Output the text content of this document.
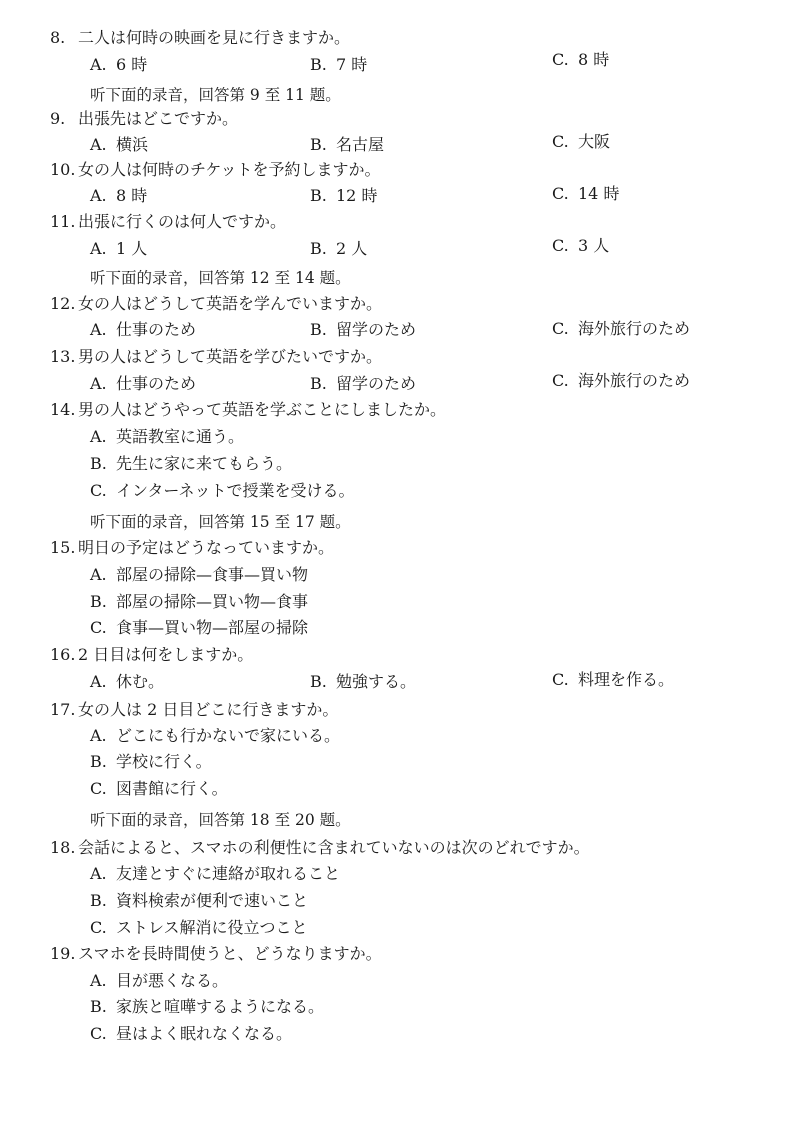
8. 二人は何時の映画を見に行きますか。
A. 6 時	B. 7 時	C. 8 時
听下面的录音，回答第 9 至 11 题。
9. 出張先はどこですか。
A. 横浜	B. 名古屋	C. 大阪
10. 女の人は何時のチケットを予約しますか。
A. 8 時	B. 12 時	C. 14 時
11. 出張に行くのは何人ですか。
A. 1 人	B. 2 人	C. 3 人
听下面的录音，回答第 12 至 14 题。
12. 女の人はどうして英語を学んでいますか。
A. 仕事のため	B. 留学のため	C. 海外旅行のため
13. 男の人はどうして英語を学びたいですか。
A. 仕事のため	B. 留学のため	C. 海外旅行のため
14. 男の人はどうやって英語を学ぶことにしましたか。
A. 英語教室に通う。
B. 先生に家に来てもらう。
C. インターネットで授業を受ける。
听下面的录音，回答第 15 至 17 题。
15. 明日の予定はどうなっていますか。
A. 部屋の掃除—食事—買い物
B. 部屋の掃除—買い物—食事
C. 食事—買い物—部屋の掃除
16. 2 日目は何をしますか。
A. 休む。	B. 勉強する。	C. 料理を作る。
17. 女の人は 2 日目どこに行きますか。
A. どこにも行かないで家にいる。
B. 学校に行く。
C. 図書館に行く。
听下面的录音，回答第 18 至 20 题。
18. 会話によると、スマホの利便性に含まれていないのは次のどれですか。
A. 友達とすぐに連絡が取れること
B. 資料検索が便利で速いこと
C. ストレス解消に役立つこと
19. スマホを長時間使うと、どうなりますか。
A. 目が悪くなる。
B. 家族と喧嘩するようになる。
C. 昼はよく眠れなくなる。
